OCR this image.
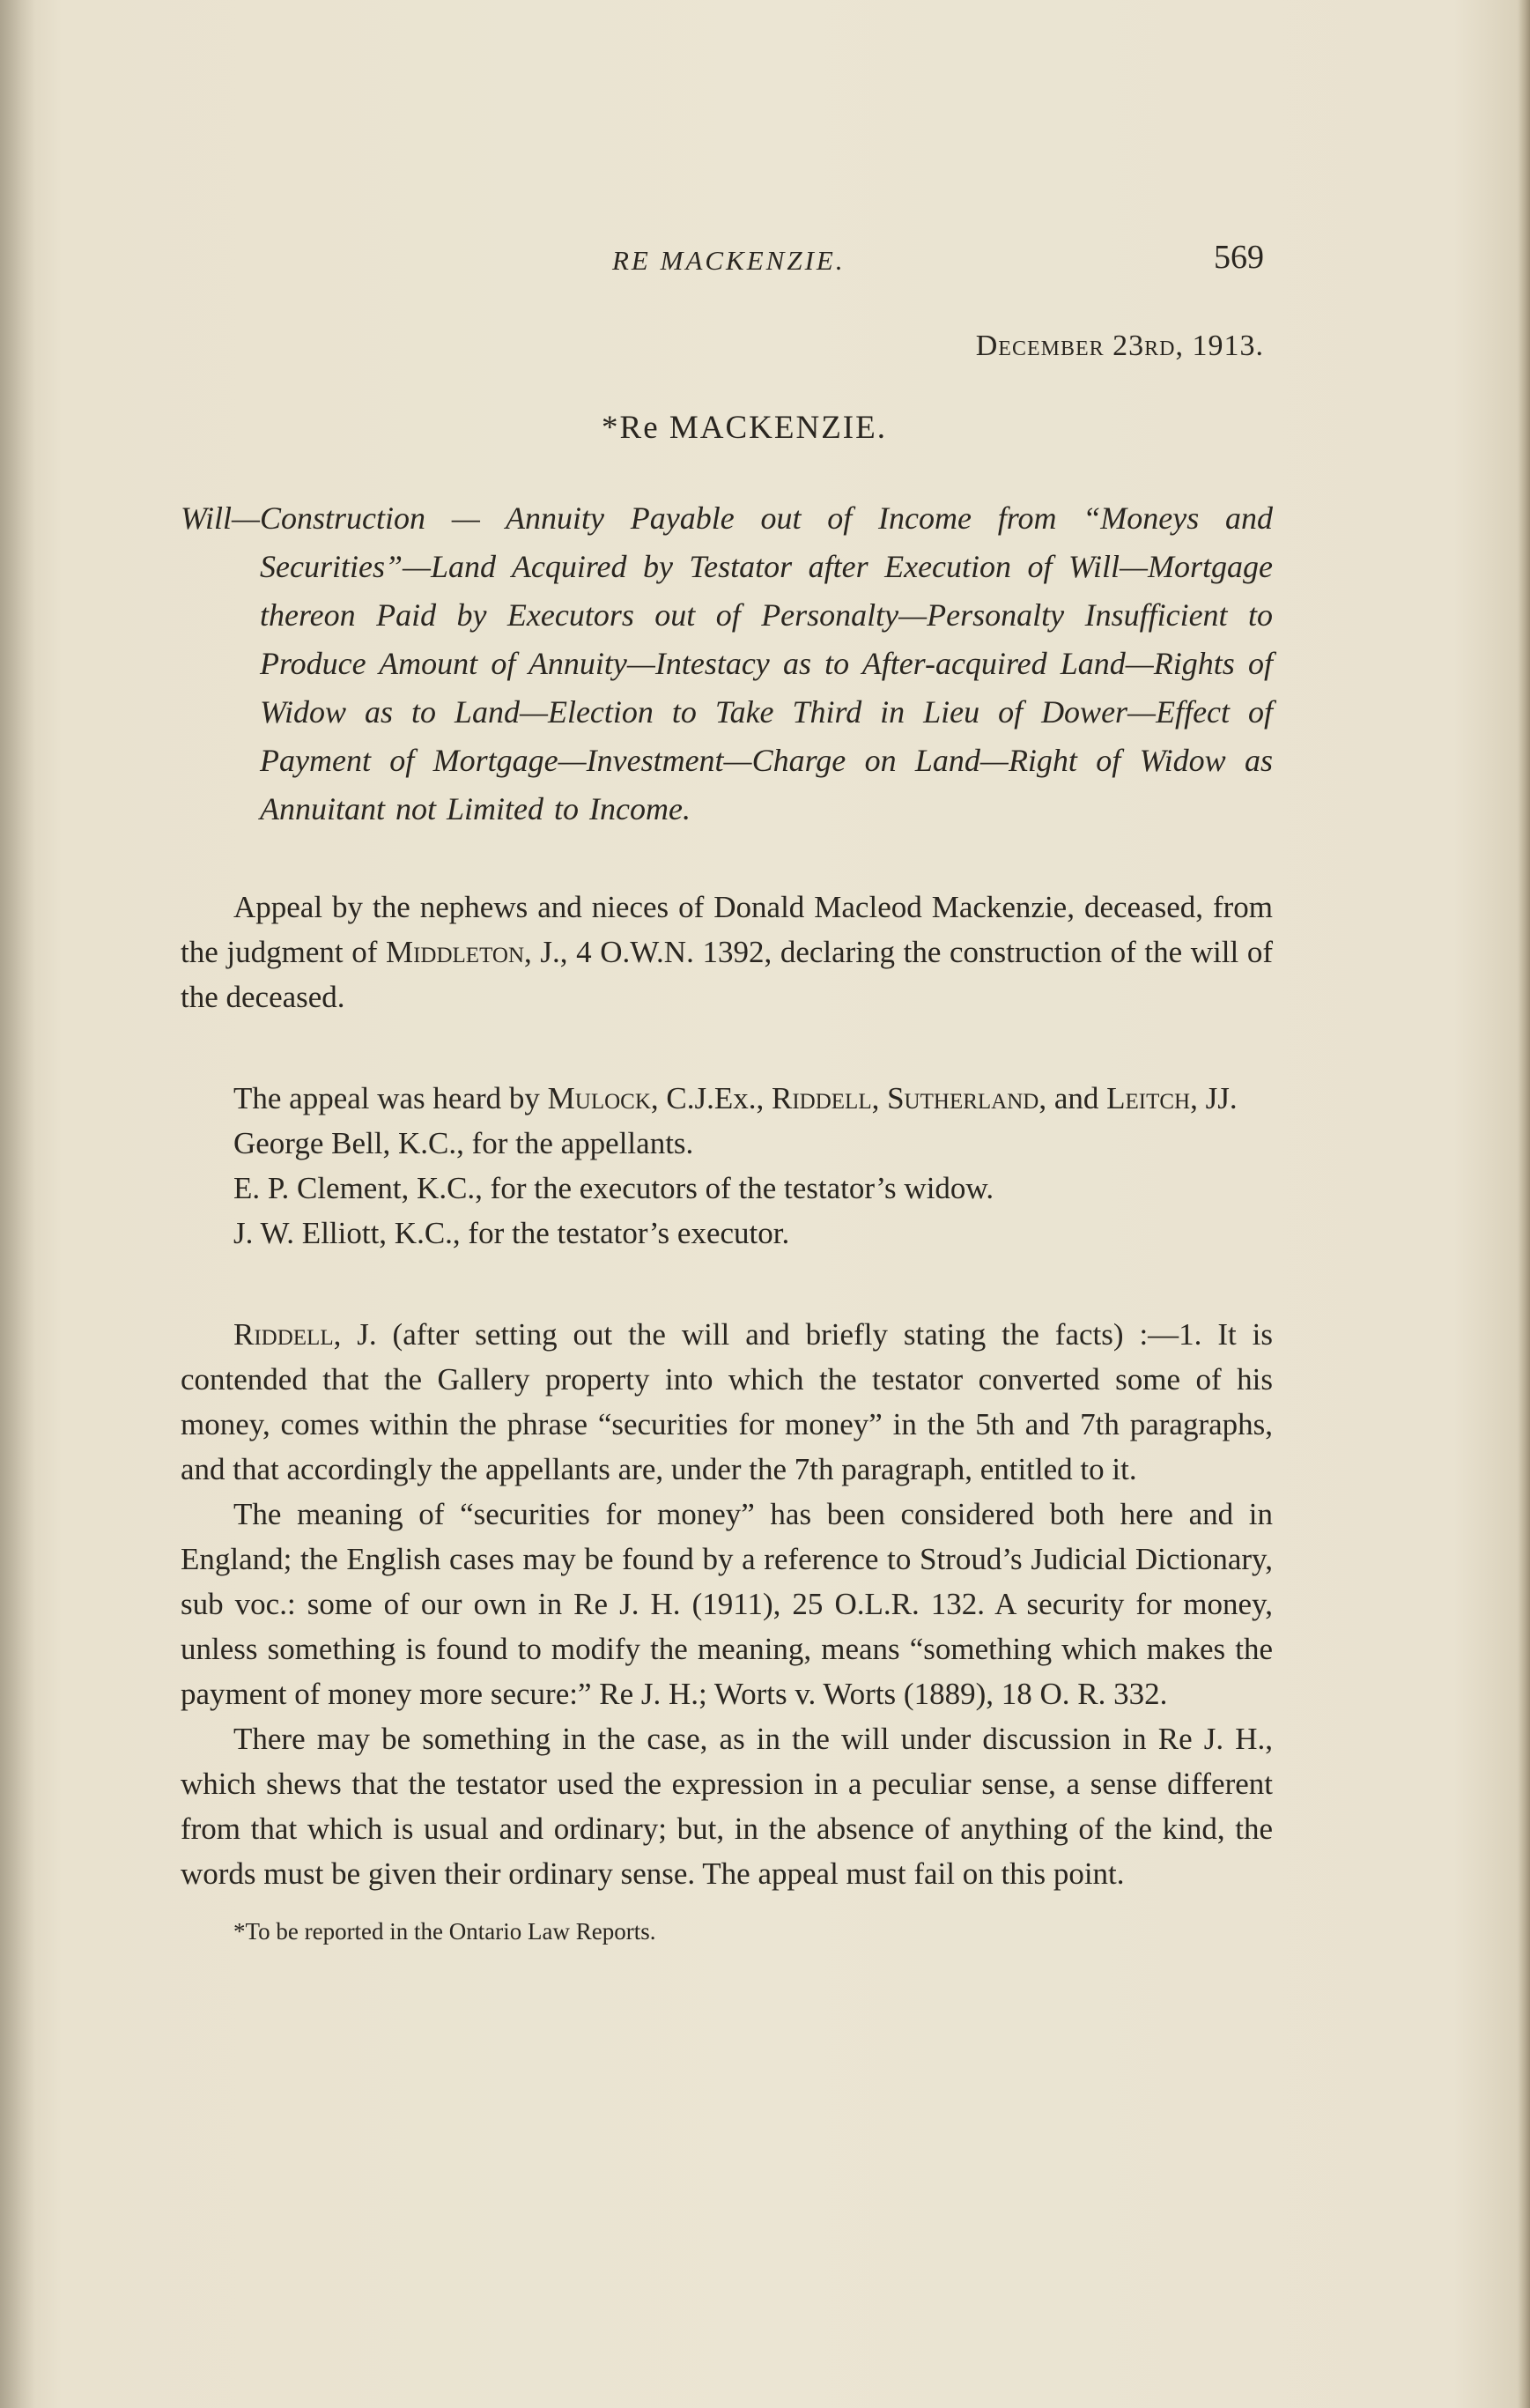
RE MACKENZIE.	569
December 23rd, 1913.
*Re MACKENZIE.
Will—Construction — Annuity Payable out of Income from “Moneys and Securities”—Land Acquired by Testator after Execution of Will—Mortgage thereon Paid by Executors out of Personalty—Personalty Insufficient to Produce Amount of Annuity—Intestacy as to After-acquired Land—Rights of Widow as to Land—Election to Take Third in Lieu of Dower—Effect of Payment of Mortgage—Investment—Charge on Land—Right of Widow as Annuitant not Limited to Income.

Appeal by the nephews and nieces of Donald Macleod Mackenzie, deceased, from the judgment of Middleton, J., 4 O.W.N. 1392, declaring the construction of the will of the deceased.

The appeal was heard by Mulock, C.J.Ex., Riddell, Sutherland, and Leitch, JJ.

George Bell, K.C., for the appellants.

E. P. Clement, K.C., for the executors of the testator’s widow.

J. W. Elliott, K.C., for the testator’s executor.

Riddell, J. (after setting out the will and briefly stating the facts) :—1. It is contended that the Gallery property into which the testator converted some of his money, comes within the phrase “securities for money” in the 5th and 7th paragraphs, and that accordingly the appellants are, under the 7th paragraph, entitled to it.

The meaning of “securities for money” has been considered both here and in England; the English cases may be found by a reference to Stroud’s Judicial Dictionary, sub voc.: some of our own in Re J. H. (1911), 25 O.L.R. 132. A security for money, unless something is found to modify the meaning, means “something which makes the payment of money more secure:” Re J. H.; Worts v. Worts (1889), 18 O. R. 332.

There may be something in the case, as in the will under discussion in Re J. H., which shews that the testator used the expression in a peculiar sense, a sense different from that which is usual and ordinary; but, in the absence of anything of the kind, the words must be given their ordinary sense. The appeal must fail on this point.

*To be reported in the Ontario Law Reports.
